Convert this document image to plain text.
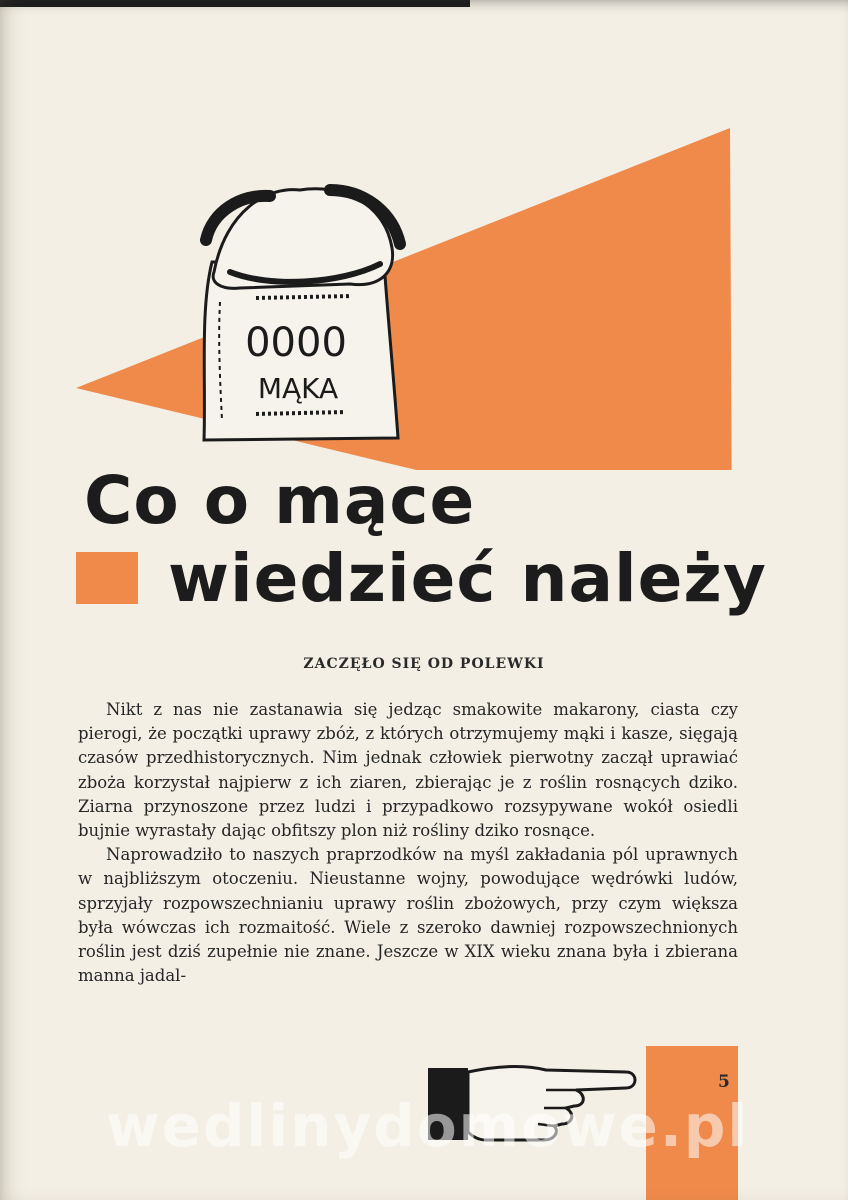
0000
MĄKA
Co o mące
wiedzieć należy
ZACZĘŁO SIĘ OD POLEWKI

Nikt z nas nie zastanawia się jedząc smakowite makarony, ciasta czy pierogi, że początki uprawy zbóż, z których otrzymujemy mąki i kasze, sięgają czasów przedhistorycznych. Nim jednak człowiek pierwotny zaczął uprawiać zboża korzystał najpierw z ich ziaren, zbierając je z roślin rosnących dziko. Ziarna przynoszone przez ludzi i przypadkowo rozsypywane wokół osiedli bujnie wyrastały dając obfitszy plon niż rośliny dziko rosnące.

Naprowadziło to naszych praprzodków na myśl zakładania pól uprawnych w najbliższym otoczeniu. Nieustanne wojny, powodujące wędrówki ludów, sprzyjały rozpowszechnianiu uprawy roślin zbożowych, przy czym większa była wówczas ich rozmaitość. Wiele z szeroko dawniej rozpowszechnionych roślin jest dziś zupełnie nie znane. Jeszcze w XIX wieku znana była i zbierana manna jadal-

5
wedlinydomowe.pl
